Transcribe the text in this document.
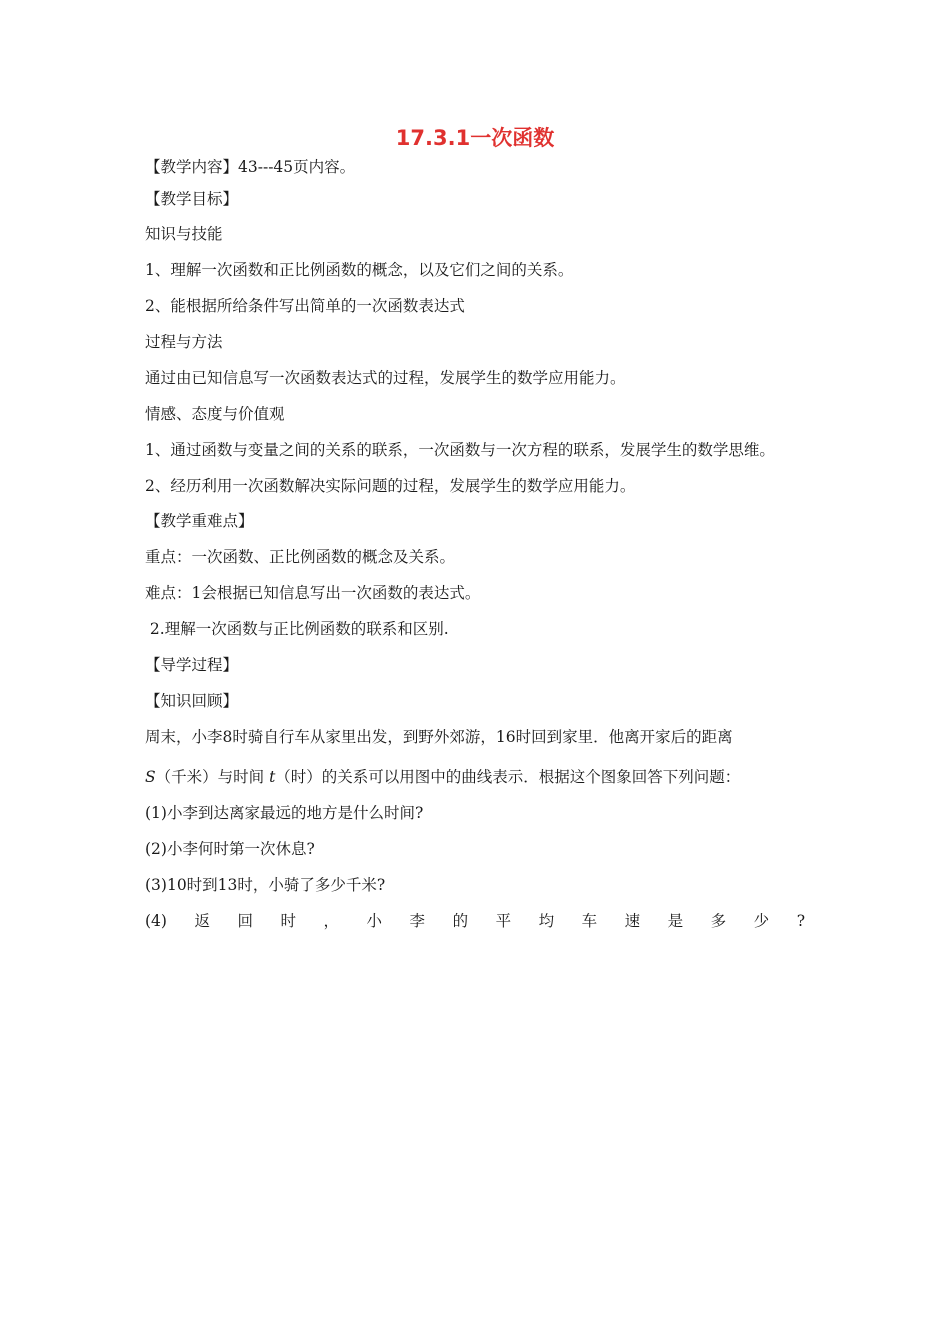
17.3.1一次函数
【教学内容】43---45页内容。
【教学目标】
知识与技能
1、理解一次函数和正比例函数的概念，以及它们之间的关系。
2、能根据所给条件写出简单的一次函数表达式
过程与方法
通过由已知信息写一次函数表达式的过程，发展学生的数学应用能力。
情感、态度与价值观
1、通过函数与变量之间的关系的联系，一次函数与一次方程的联系，发展学生的数学思维。
2、经历利用一次函数解决实际问题的过程，发展学生的数学应用能力。
【教学重难点】
重点：一次函数、正比例函数的概念及关系。
难点：1会根据已知信息写出一次函数的表达式。
2.理解一次函数与正比例函数的联系和区别.
【导学过程】
【知识回顾】
周末，小李8时骑自行车从家里出发，到野外郊游，16时回到家里．他离开家后的距离
S（千米）与时间 t（时）的关系可以用图中的曲线表示．根据这个图象回答下列问题：
(1)小李到达离家最远的地方是什么时间?
(2)小李何时第一次休息?
(3)10时到13时，小骑了多少千米?
(4) 返 回 时 ， 小 李 的 平 均 车 速 是 多 少 ?
